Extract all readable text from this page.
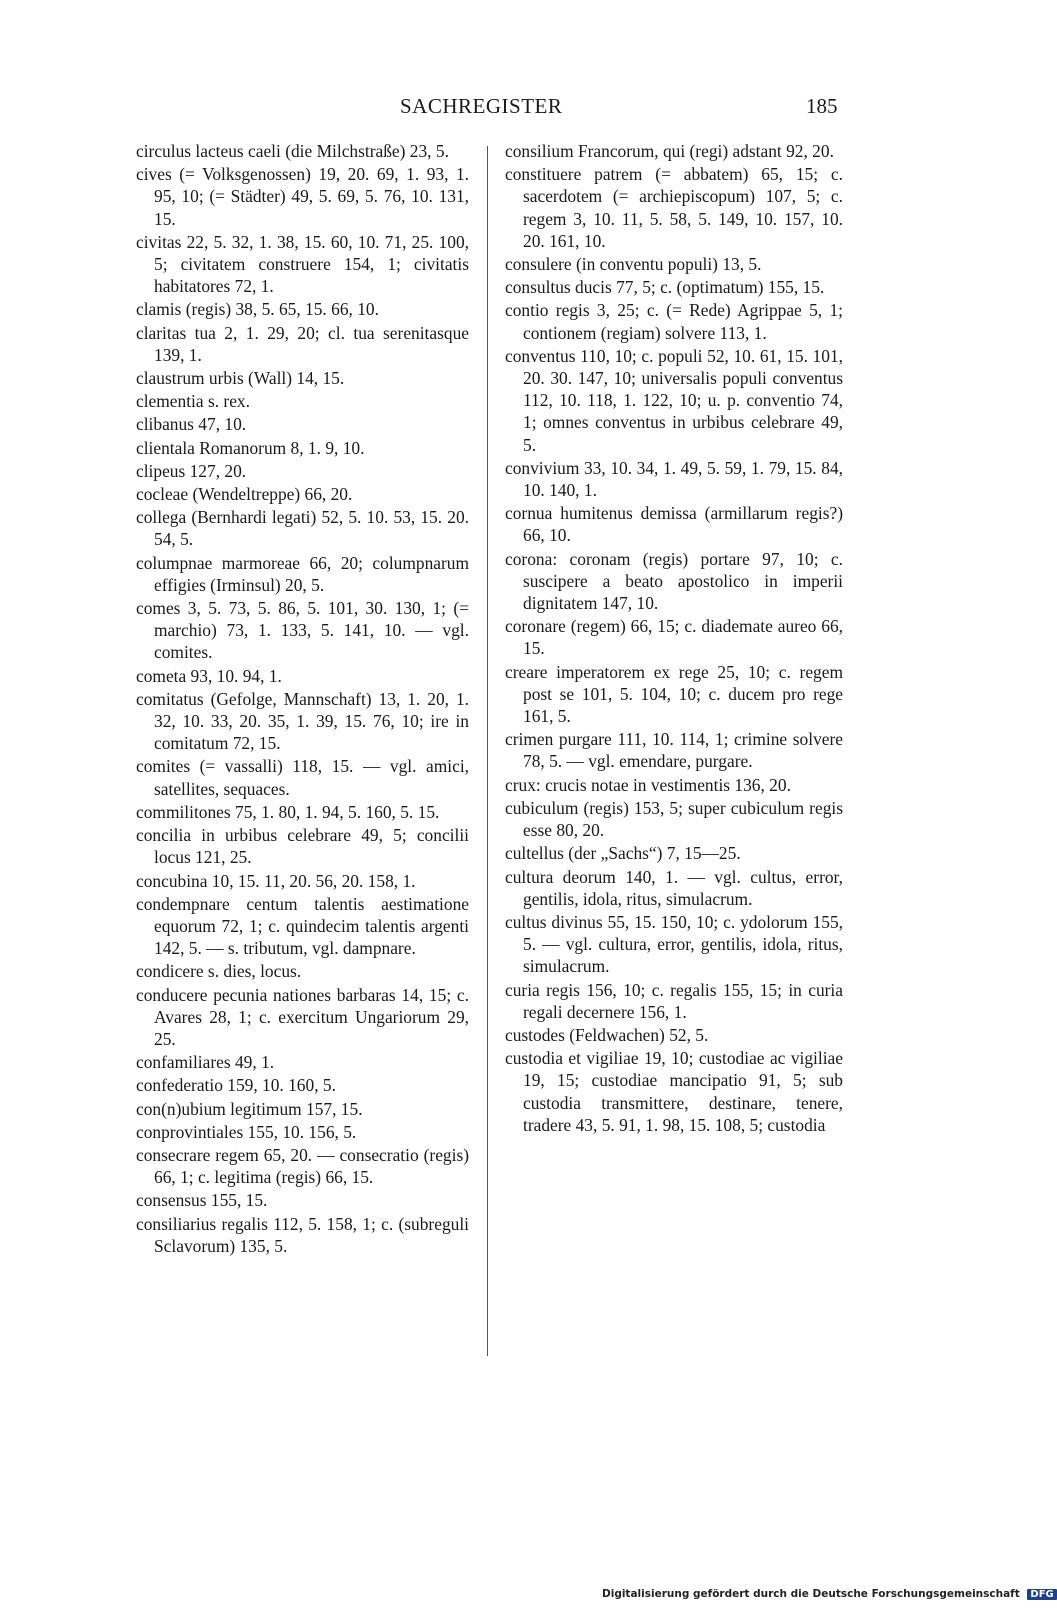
SACHREGISTER	185

circulus lacteus caeli (die Milchstraße) 23, 5.

cives (= Volksgenossen) 19, 20. 69, 1. 93, 1. 95, 10; (= Städter) 49, 5. 69, 5. 76, 10. 131, 15.

civitas 22, 5. 32, 1. 38, 15. 60, 10. 71, 25. 100, 5; civitatem construere 154, 1; civitatis habitatores 72, 1.

clamis (regis) 38, 5. 65, 15. 66, 10.

claritas tua 2, 1. 29, 20; cl. tua serenitasque 139, 1.

claustrum urbis (Wall) 14, 15.

clementia s. rex.

clibanus 47, 10.

clientala Romanorum 8, 1. 9, 10.

clipeus 127, 20.

cocleae (Wendeltreppe) 66, 20.

collega (Bernhardi legati) 52, 5. 10. 53, 15. 20. 54, 5.

columpnae marmoreae 66, 20; columpnarum effigies (Irminsul) 20, 5.

comes 3, 5. 73, 5. 86, 5. 101, 30. 130, 1; (= marchio) 73, 1. 133, 5. 141, 10. — vgl. comites.

cometa 93, 10. 94, 1.

comitatus (Gefolge, Mannschaft) 13, 1. 20, 1. 32, 10. 33, 20. 35, 1. 39, 15. 76, 10; ire in comitatum 72, 15.

comites (= vassalli) 118, 15. — vgl. amici, satellites, sequaces.

commilitones 75, 1. 80, 1. 94, 5. 160, 5. 15.

concilia in urbibus celebrare 49, 5; concilii locus 121, 25.

concubina 10, 15. 11, 20. 56, 20. 158, 1.

condempnare centum talentis aestimatione equorum 72, 1; c. quindecim talentis argenti 142, 5. — s. tributum, vgl. dampnare.

condicere s. dies, locus.

conducere pecunia nationes barbaras 14, 15; c. Avares 28, 1; c. exercitum Ungariorum 29, 25.

confamiliares 49, 1.

confederatio 159, 10. 160, 5.

con(n)ubium legitimum 157, 15.

conprovintiales 155, 10. 156, 5.

consecrare regem 65, 20. — consecratio (regis) 66, 1; c. legitima (regis) 66, 15.

consensus 155, 15.

consiliarius regalis 112, 5. 158, 1; c. (subreguli Sclavorum) 135, 5.

consilium Francorum, qui (regi) adstant 92, 20.

constituere patrem (= abbatem) 65, 15; c. sacerdotem (= archiepiscopum) 107, 5; c. regem 3, 10. 11, 5. 58, 5. 149, 10. 157, 10. 20. 161, 10.

consulere (in conventu populi) 13, 5.

consultus ducis 77, 5; c. (optimatum) 155, 15.

contio regis 3, 25; c. (= Rede) Agrippae 5, 1; contionem (regiam) solvere 113, 1.

conventus 110, 10; c. populi 52, 10. 61, 15. 101, 20. 30. 147, 10; universalis populi conventus 112, 10. 118, 1. 122, 10; u. p. conventio 74, 1; omnes conventus in urbibus celebrare 49, 5.

convivium 33, 10. 34, 1. 49, 5. 59, 1. 79, 15. 84, 10. 140, 1.

cornua humitenus demissa (armillarum regis?) 66, 10.

corona: coronam (regis) portare 97, 10; c. suscipere a beato apostolico in imperii dignitatem 147, 10.

coronare (regem) 66, 15; c. diademate aureo 66, 15.

creare imperatorem ex rege 25, 10; c. regem post se 101, 5. 104, 10; c. ducem pro rege 161, 5.

crimen purgare 111, 10. 114, 1; crimine solvere 78, 5. — vgl. emendare, purgare.

crux: crucis notae in vestimentis 136, 20.

cubiculum (regis) 153, 5; super cubiculum regis esse 80, 20.

cultellus (der „Sachs“) 7, 15—25.

cultura deorum 140, 1. — vgl. cultus, error, gentilis, idola, ritus, simulacrum.

cultus divinus 55, 15. 150, 10; c. ydolorum 155, 5. — vgl. cultura, error, gentilis, idola, ritus, simulacrum.

curia regis 156, 10; c. regalis 155, 15; in curia regali decernere 156, 1.

custodes (Feldwachen) 52, 5.

custodia et vigiliae 19, 10; custodiae ac vigiliae 19, 15; custodiae mancipatio 91, 5; sub custodia transmittere, destinare, tenere, tradere 43, 5. 91, 1. 98, 15. 108, 5; custodia

Digitalisierung gefördert durch die Deutsche Forschungsgemeinschaft DFG
